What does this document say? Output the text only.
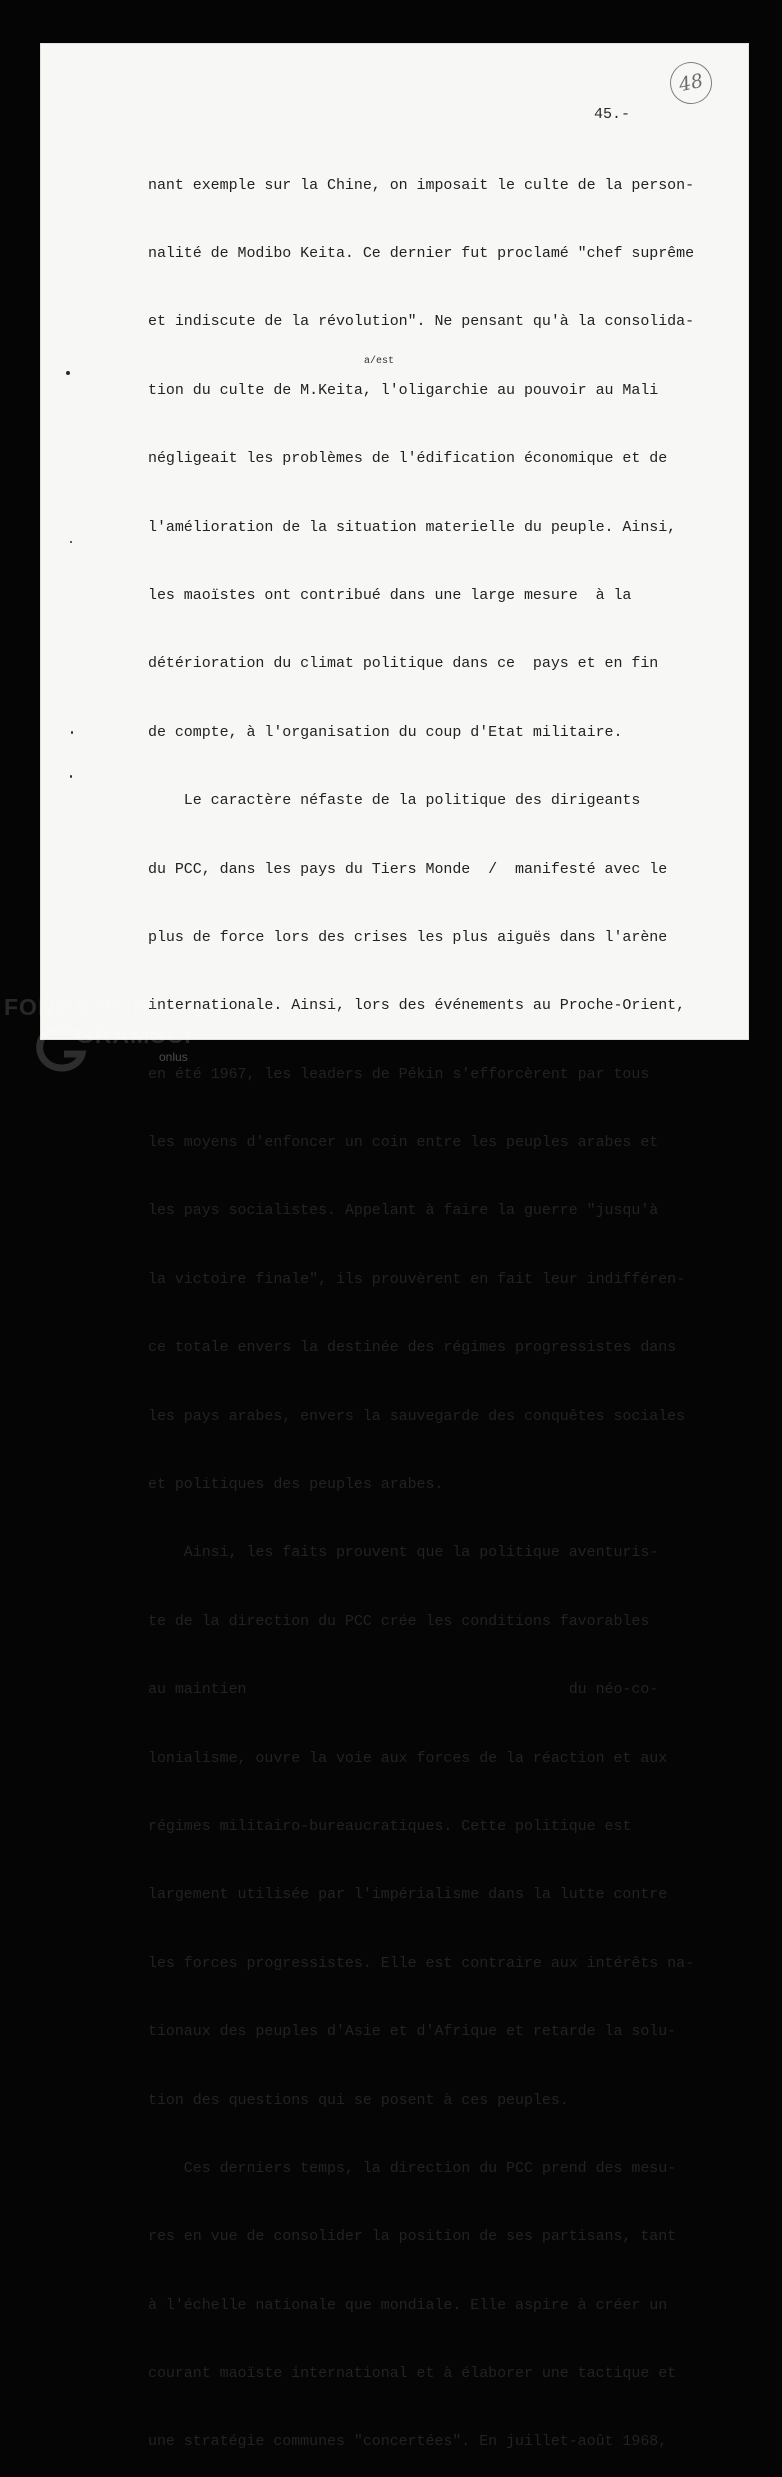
48
45.-
a/est

nant exemple sur la Chine, on imposait le culte de la person-

nalité de Modibo Keita. Ce dernier fut proclamé "chef suprême

et indiscute de la révolution". Ne pensant qu'à la consolida-

tion du culte de M.Keita, l'oligarchie au pouvoir au Mali

négligeait les problèmes de l'édification économique et de

l'amélioration de la situation materielle du peuple. Ainsi,

les maoïstes ont contribué dans une large mesure  à la

détérioration du climat politique dans ce  pays et en fin

de compte, à l'organisation du coup d'Etat militaire.

Le caractère néfaste de la politique des dirigeants

du PCC, dans les pays du Tiers Monde  /  manifesté avec le

plus de force lors des crises les plus aiguës dans l'arène

internationale. Ainsi, lors des événements au Proche-Orient,

en été 1967, les leaders de Pékin s'efforcèrent par tous

les moyens d'enfoncer un coin entre les peuples arabes et

les pays socialistes. Appelant à faire la guerre "jusqu'à

la victoire finale", ils prouvèrent en fait leur indifféren-

ce totale envers la destinée des régimes progressistes dans

les pays arabes, envers la sauvegarde des conquêtes sociales

et politiques des peuples arabes.

Ainsi, les faits prouvent que la politique aventuris-

te de la direction du PCC crée les conditions favorables

au maintien                                    du néo-co-

lonialisme, ouvre la voie aux forces de la réaction et aux

régimes militairo-bureaucratiques. Cette politique est

largement utilisée par l'impérialisme dans la lutte contre

les forces progressistes. Elle est contraire aux intérêts na-

tionaux des peuples d'Asie et d'Afrique et retarde la solu-

tion des questions qui se posent à ces peuples.

Ces derniers temps, la direction du PCC prend des mesu-

res en vue de consolider la position de ses partisans, tant

à l'échelle nationale que mondiale. Elle aspire à créer un

courant maoïste international et à élaborer une tactique et

une stratégie communes "concertées". En juillet-août 1968,

FONDAZIONE
GRAMSCI
onlus
